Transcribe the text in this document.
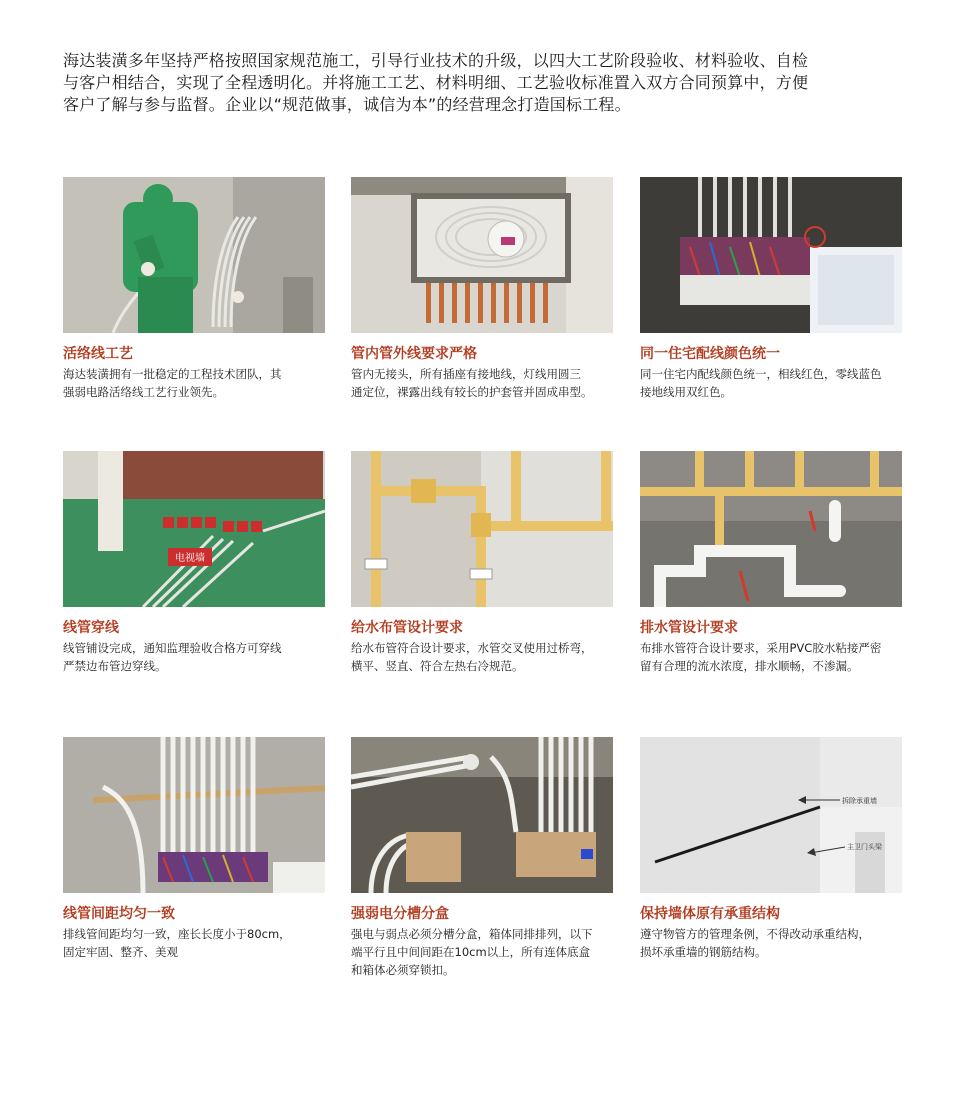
海达装潢多年坚持严格按照国家规范施工，引导行业技术的升级，以四大工艺阶段验收、材料验收、自检
与客户相结合，实现了全程透明化。并将施工工艺、材料明细、工艺验收标准置入双方合同预算中，方便
客户了解与参与监督。企业以“规范做事，诚信为本”的经营理念打造国标工程。
活络线工艺
海达装潢拥有一批稳定的工程技术团队，其
强弱电路活络线工艺行业领先。
管内管外线要求严格
管内无接头，所有插座有接地线，灯线用圆三
通定位，裸露出线有较长的护套管并固成串型。
同一住宅配线颜色统一
同一住宅内配线颜色统一，相线红色，零线蓝色
接地线用双红色。
电视墙
线管穿线
线管铺设完成，通知监理验收合格方可穿线
严禁边布管边穿线。
给水布管设计要求
给水布管符合设计要求，水管交叉使用过桥弯，
横平、竖直、符合左热右冷规范。
排水管设计要求
布排水管符合设计要求，采用PVC胶水粘接严密
留有合理的流水浓度，排水顺畅，不渗漏。
线管间距均匀一致
排线管间距均匀一致，座长长度小于80cm，
固定牢固、整齐、美观
强弱电分槽分盒
强电与弱点必须分槽分盒，箱体同排排列，以下
端平行且中间间距在10cm以上，所有连体底盒
和箱体必须穿锁扣。
拆除承重墙
主卫门头梁
保持墙体原有承重结构
遵守物管方的管理条例，不得改动承重结构，
损坏承重墙的钢筋结构。
